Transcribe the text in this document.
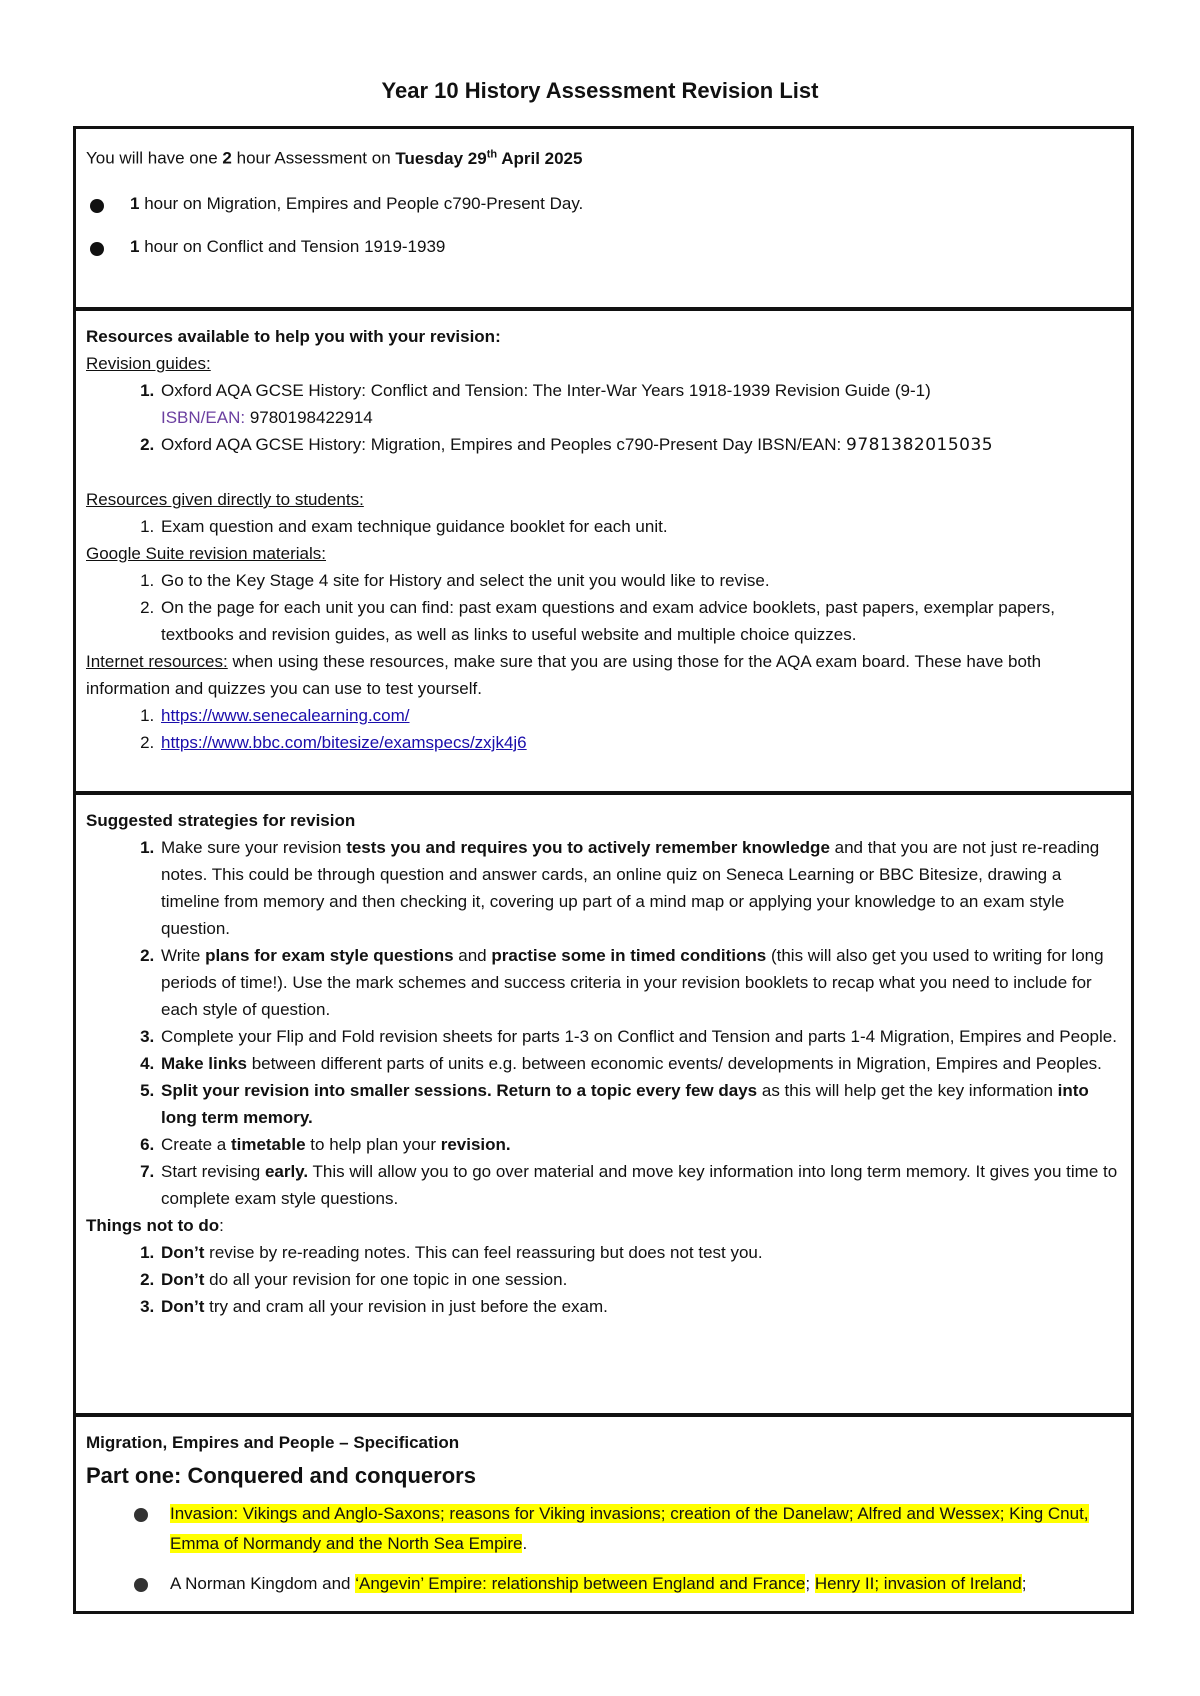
Year 10 History Assessment Revision List

You will have one 2 hour Assessment on Tuesday 29th April 2025

1 hour on Migration, Empires and People c790-Present Day.
1 hour on Conflict and Tension 1919-1939

Resources available to help you with your revision:

Revision guides:

1. Oxford AQA GCSE History: Conflict and Tension: The Inter-War Years 1918-1939 Revision Guide (9-1)
ISBN/EAN: 9780198422914
2. Oxford AQA GCSE History: Migration, Empires and Peoples c790-Present Day IBSN/EAN: 9781382015035

Resources given directly to students:

1. Exam question and exam technique guidance booklet for each unit.

Google Suite revision materials:

1. Go to the Key Stage 4 site for History and select the unit you would like to revise.
2. On the page for each unit you can find: past exam questions and exam advice booklets, past papers, exemplar papers, textbooks and revision guides, as well as links to useful website and multiple choice quizzes.

Internet resources: when using these resources, make sure that you are using those for the AQA exam board. These have both information and quizzes you can use to test yourself.

1. https://www.senecalearning.com/
2. https://www.bbc.com/bitesize/examspecs/zxjk4j6

Suggested strategies for revision

1. Make sure your revision tests you and requires you to actively remember knowledge and that you are not just re-reading notes. This could be through question and answer cards, an online quiz on Seneca Learning or BBC Bitesize, drawing a timeline from memory and then checking it, covering up part of a mind map or applying your knowledge to an exam style question.
2. Write plans for exam style questions and practise some in timed conditions (this will also get you used to writing for long periods of time!). Use the mark schemes and success criteria in your revision booklets to recap what you need to include for each style of question.
3. Complete your Flip and Fold revision sheets for parts 1-3 on Conflict and Tension and parts 1-4 Migration, Empires and People.
4. Make links between different parts of units e.g. between economic events/ developments in Migration, Empires and Peoples.
5. Split your revision into smaller sessions. Return to a topic every few days as this will help get the key information into long term memory.
6. Create a timetable to help plan your revision.
7. Start revising early. This will allow you to go over material and move key information into long term memory. It gives you time to complete exam style questions.

Things not to do:

1. Don’t revise by re-reading notes. This can feel reassuring but does not test you.
2. Don’t do all your revision for one topic in one session.
3. Don’t try and cram all your revision in just before the exam.

Migration, Empires and People – Specification

Part one: Conquered and conquerors

Invasion: Vikings and Anglo-Saxons; reasons for Viking invasions; creation of the Danelaw; Alfred and Wessex; King Cnut, Emma of Normandy and the North Sea Empire.
A Norman Kingdom and ‘Angevin’ Empire: relationship between England and France; Henry II; invasion of Ireland;
